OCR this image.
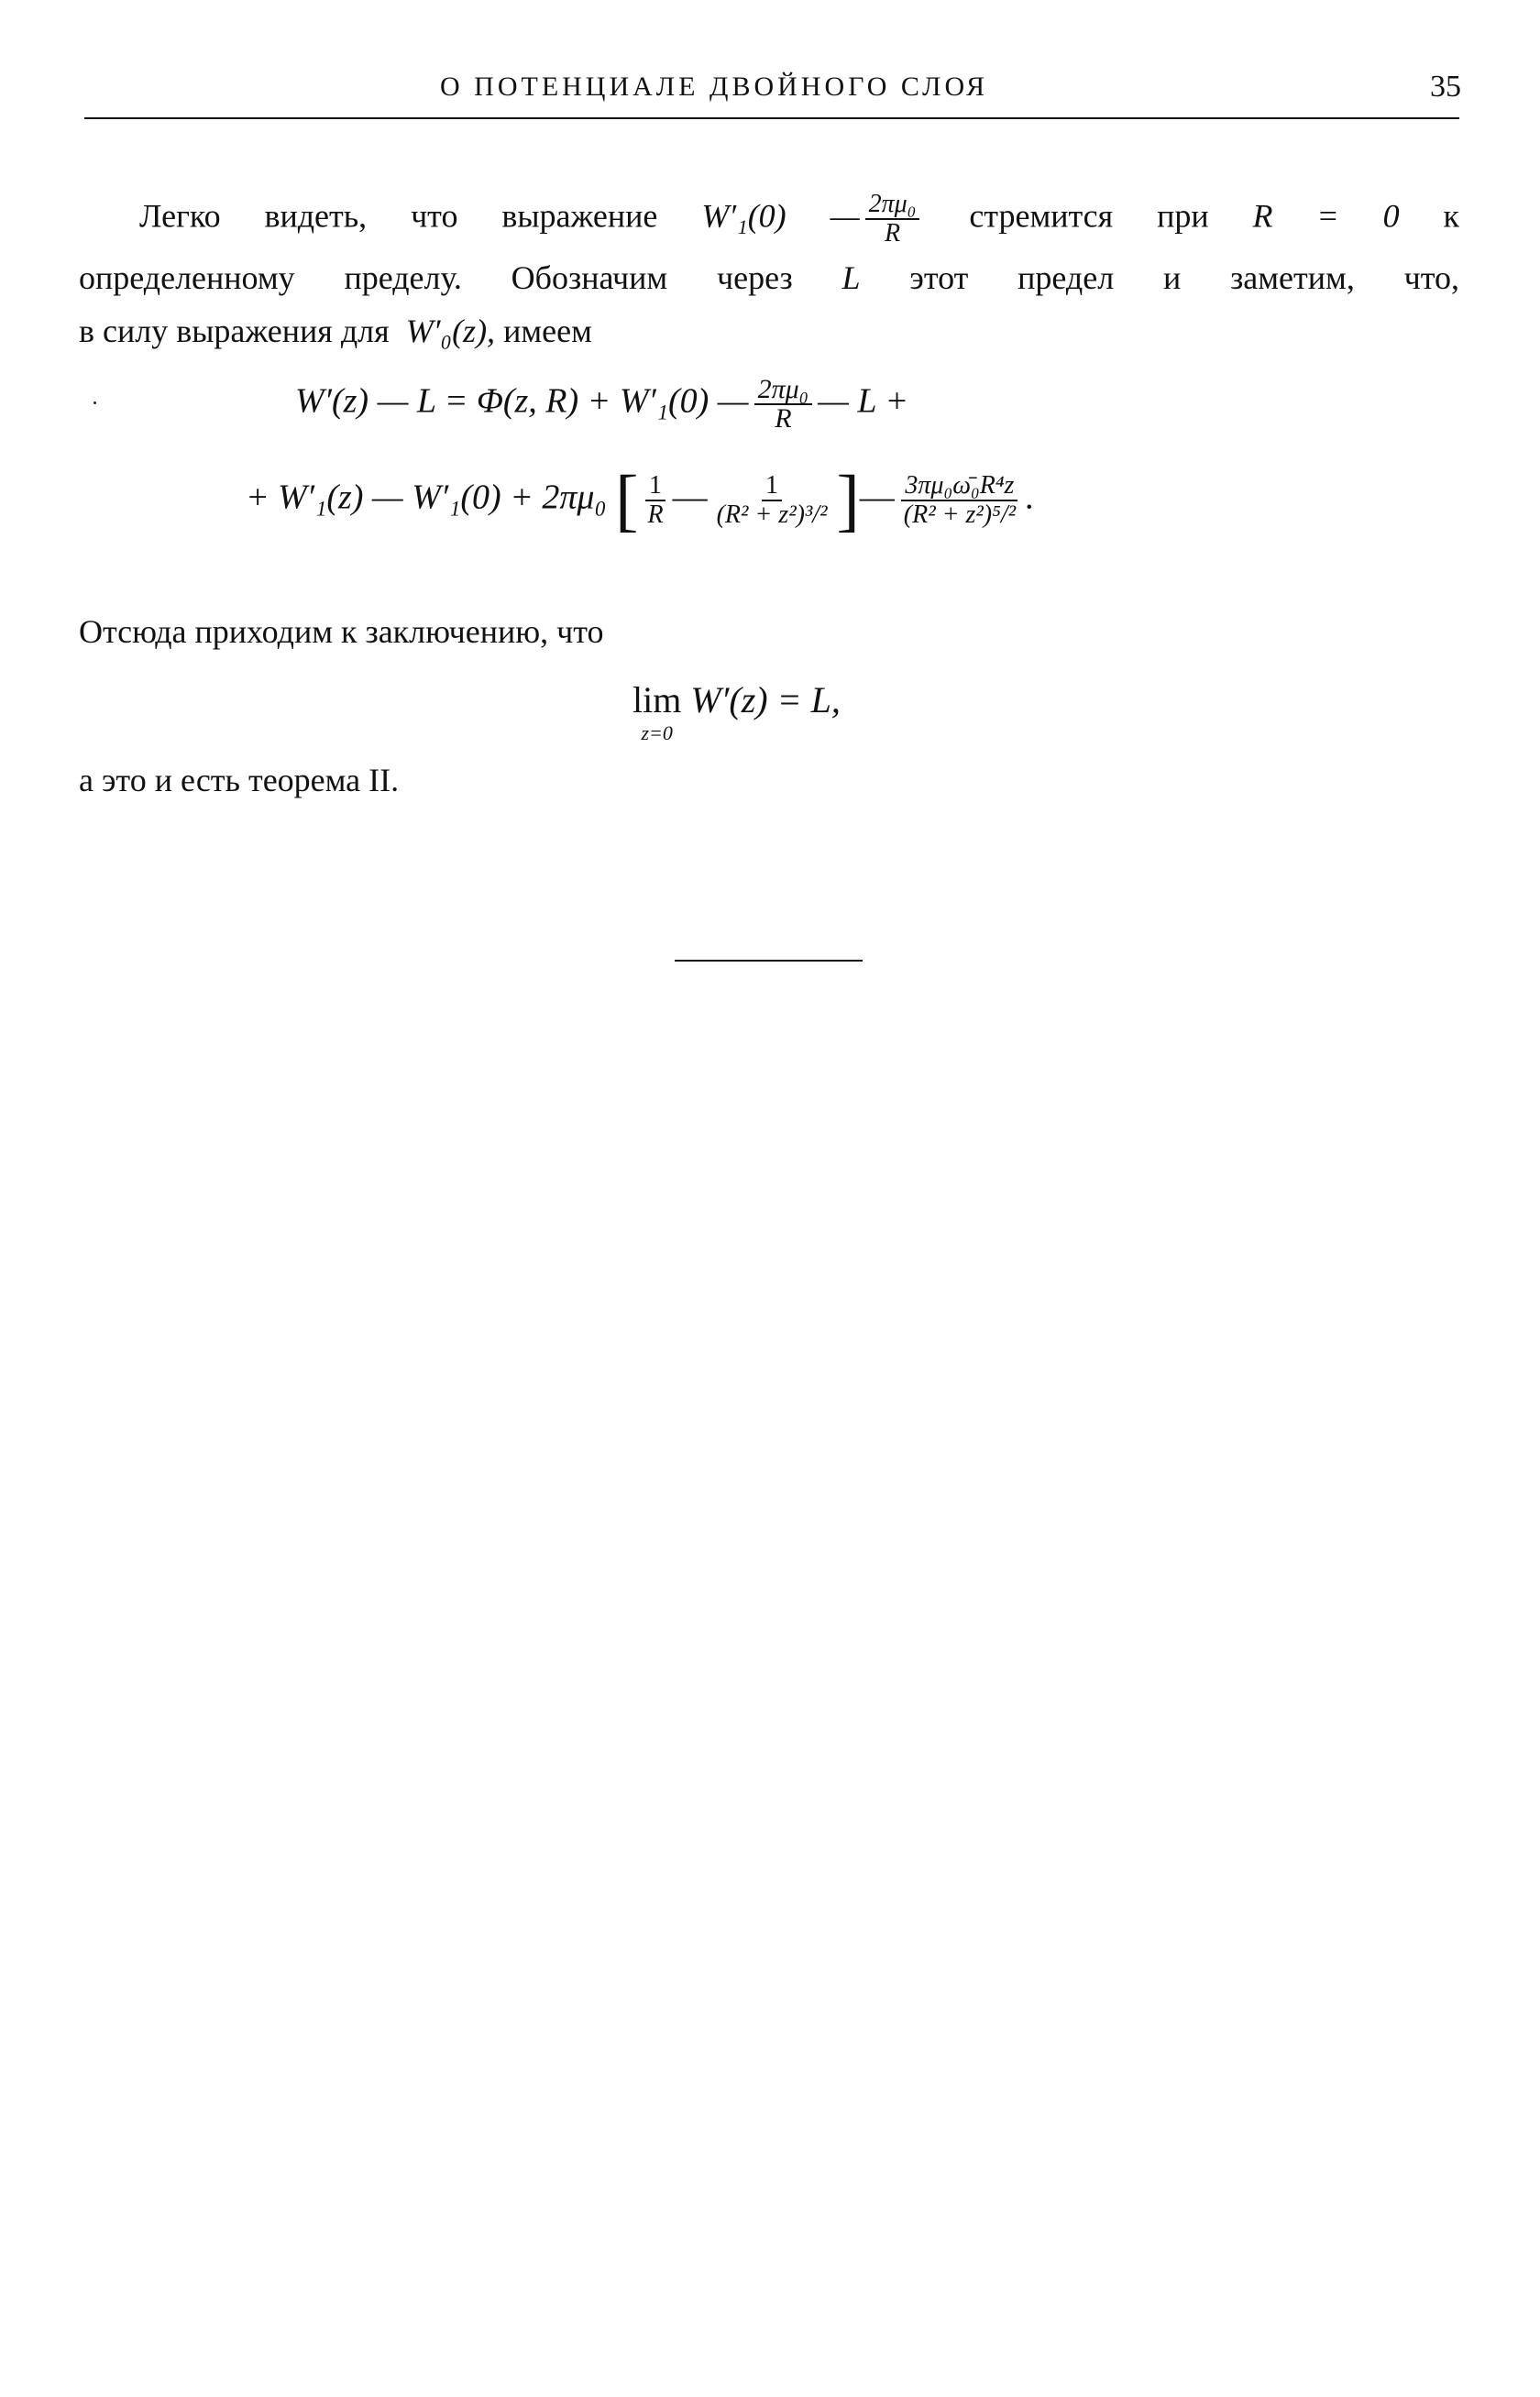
О ПОТЕНЦИАЛЕ ДВОЙНОГО СЛОЯ	35
Легко видеть, что выражение W′₁(0) — $\frac{\text{2πμ₀}}{R}$ стремится при R = 0 к
определенному пределу. Обозначим через L этот предел и заметим, что,
в силу выражения для W′₀(z), имеем
W′(z) — L = Φ(z, R) + W′₁(0) — $\frac{\text{2πμ₀}}{R}$ — L +
+ W′₁(z) — W′₁(0) + 2πμ₀ [ $\frac{1}{R}$ — $\frac{1}{\text{(R² + z²)³/²}}$ ]— $\frac{\text{3πμ₀ω̄₀R⁴z}}{\text{(R² + z²)⁵/²}}$ .
Отсюда приходим к заключению, что
lim
z=0
W′(z) = L,
а это и есть теорема II.
